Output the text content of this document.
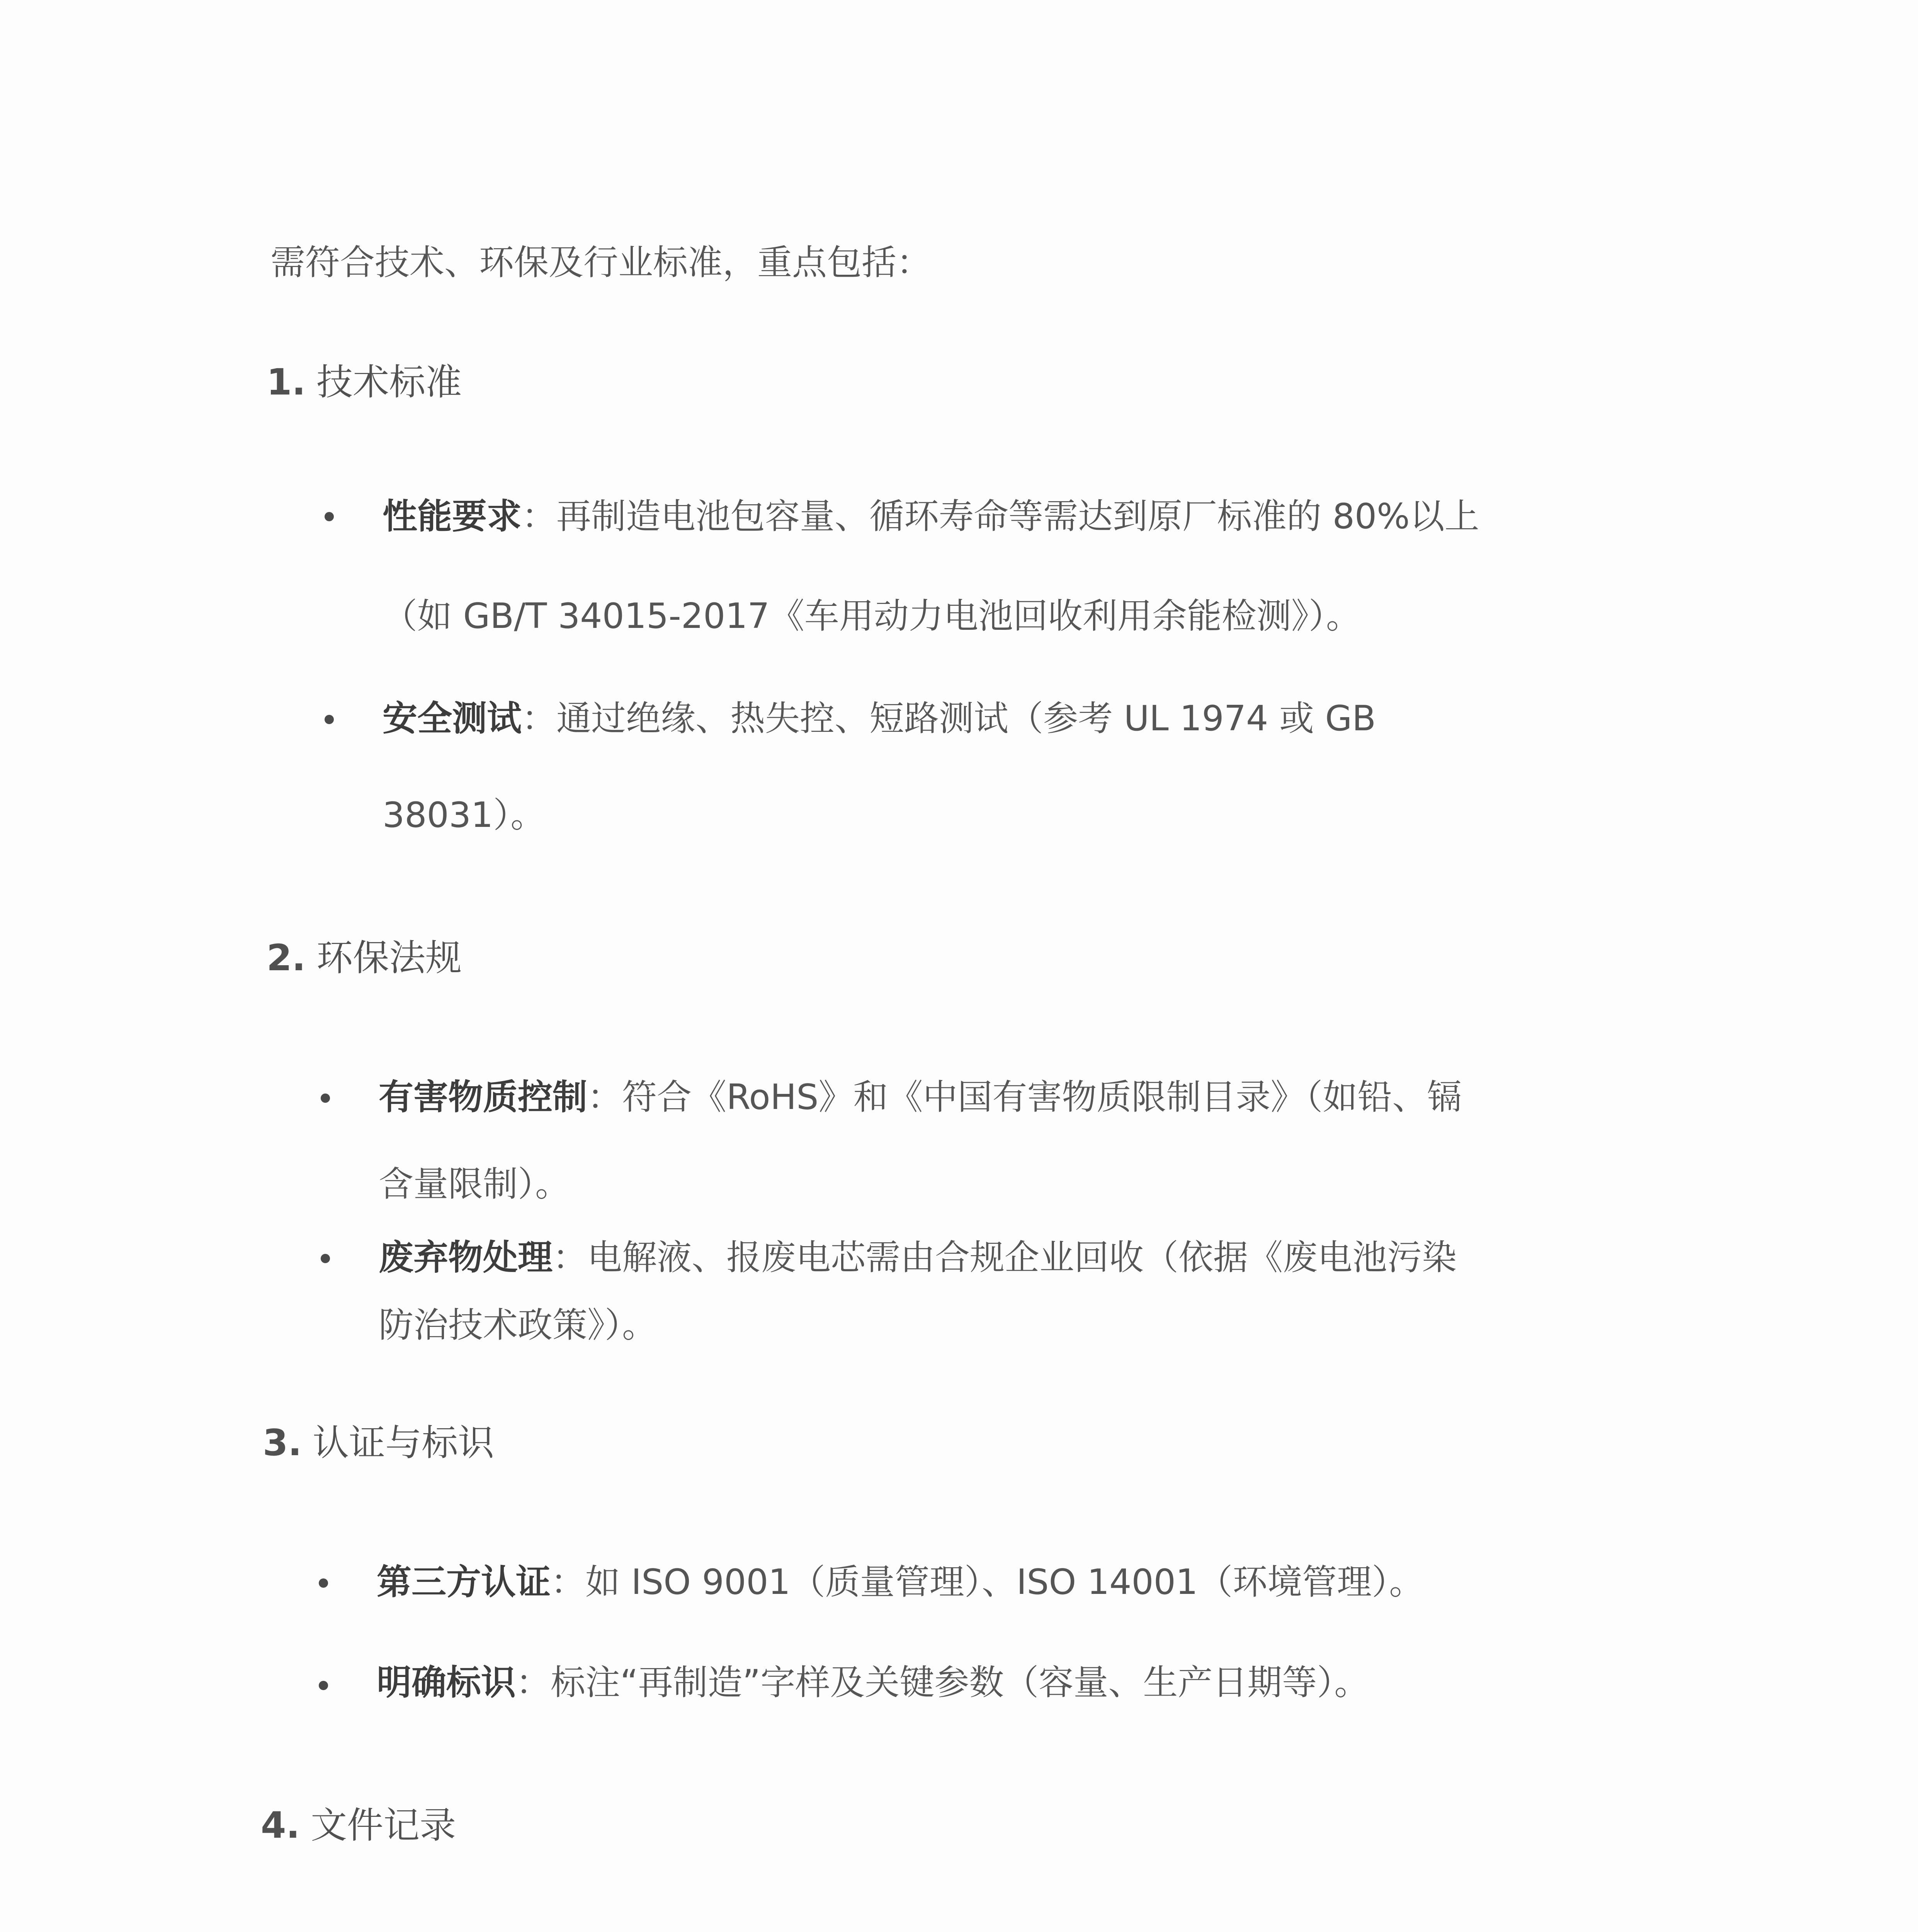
需符合技术、环保及行业标准，重点包括：
1. 技术标准
性能要求：再制造电池包容量、循环寿命等需达到原厂标准的 80%以上
（如 GB/T 34015-2017《车用动力电池回收利用余能检测》）。
安全测试：通过绝缘、热失控、短路测试（参考 UL 1974 或 GB
38031）。
2. 环保法规
有害物质控制：符合《RoHS》和《中国有害物质限制目录》（如铅、镉
含量限制）。
废弃物处理：电解液、报废电芯需由合规企业回收（依据《废电池污染
防治技术政策》）。
3. 认证与标识
第三方认证：如 ISO 9001（质量管理）、ISO 14001（环境管理）。
明确标识：标注“再制造”字样及关键参数（容量、生产日期等）。
4. 文件记录
